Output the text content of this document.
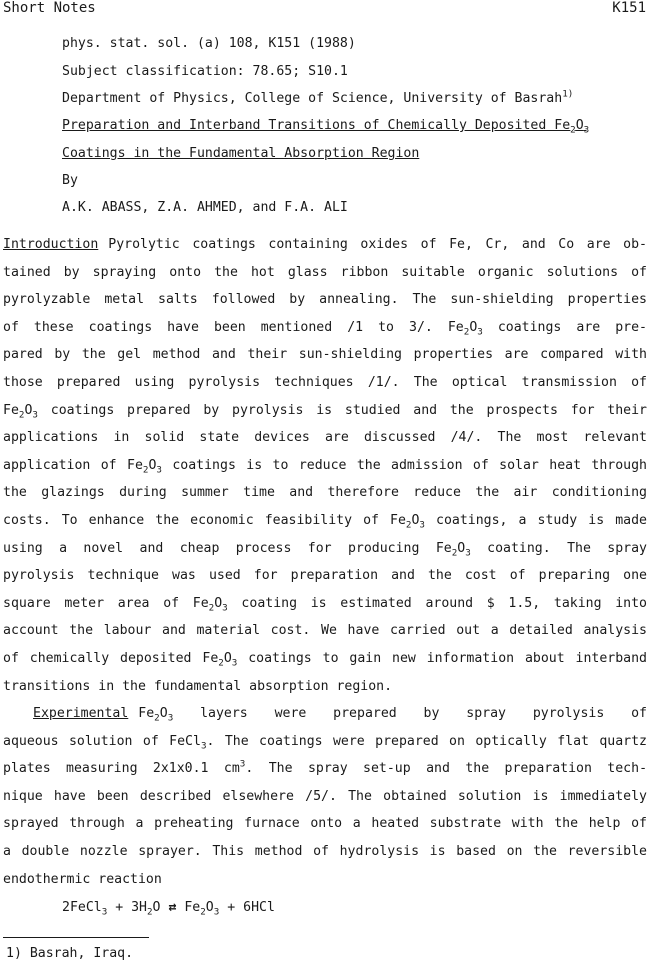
Short Notes	K151
phys. stat. sol. (a) 108, K151 (1988)
Subject classification: 78.65; S10.1
Department of Physics, College of Science, University of Basrah$^{1)}$
Preparation and Interband Transitions of Chemically Deposited $Fe_2O_3$
Coatings in the Fundamental Absorption Region
By
A.K. ABASS, Z.A. AHMED, and F.A. ALI
Introduction Pyrolytic coatings containing oxides of Fe, Cr, and Co are ob-
tained by spraying onto the hot glass ribbon suitable organic solutions of
pyrolyzable metal salts followed by annealing. The sun-shielding properties
of these coatings have been mentioned /1 to 3/. $Fe_2O_3$ coatings are pre-
pared by the gel method and their sun-shielding properties are compared with
those prepared using pyrolysis techniques /1/. The optical transmission of
$Fe_2O_3$ coatings prepared by pyrolysis is studied and the prospects for their
applications in solid state devices are discussed /4/. The most relevant
application of $Fe_2O_3$ coatings is to reduce the admission of solar heat through
the glazings during summer time and therefore reduce the air conditioning
costs. To enhance the economic feasibility of $Fe_2O_3$ coatings, a study is made
using a novel and cheap process for producing $Fe_2O_3$ coating. The spray
pyrolysis technique was used for preparation and the cost of preparing one
square meter area of $Fe_2O_3$ coating is estimated around $ 1.5, taking into
account the labour and material cost. We have carried out a detailed analysis
of chemically deposited $Fe_2O_3$ coatings to gain new information about interband
transitions in the fundamental absorption region.
Experimental $Fe_2O_3$ layers were prepared by spray pyrolysis of
aqueous solution of FeCl$_3$. The coatings were prepared on optically flat quartz
plates measuring 2x1x0.1 $cm^3$. The spray set-up and the preparation tech-
nique have been described elsewhere /5/. The obtained solution is immediately
sprayed through a preheating furnace onto a heated substrate with the help of
a double nozzle sprayer. This method of hydrolysis is based on the reversible
endothermic reaction
2FeCl$_3$ + $3H_2O$ ⇄ $Fe_2O_3 + 6HCl$
1) Basrah, Iraq.
